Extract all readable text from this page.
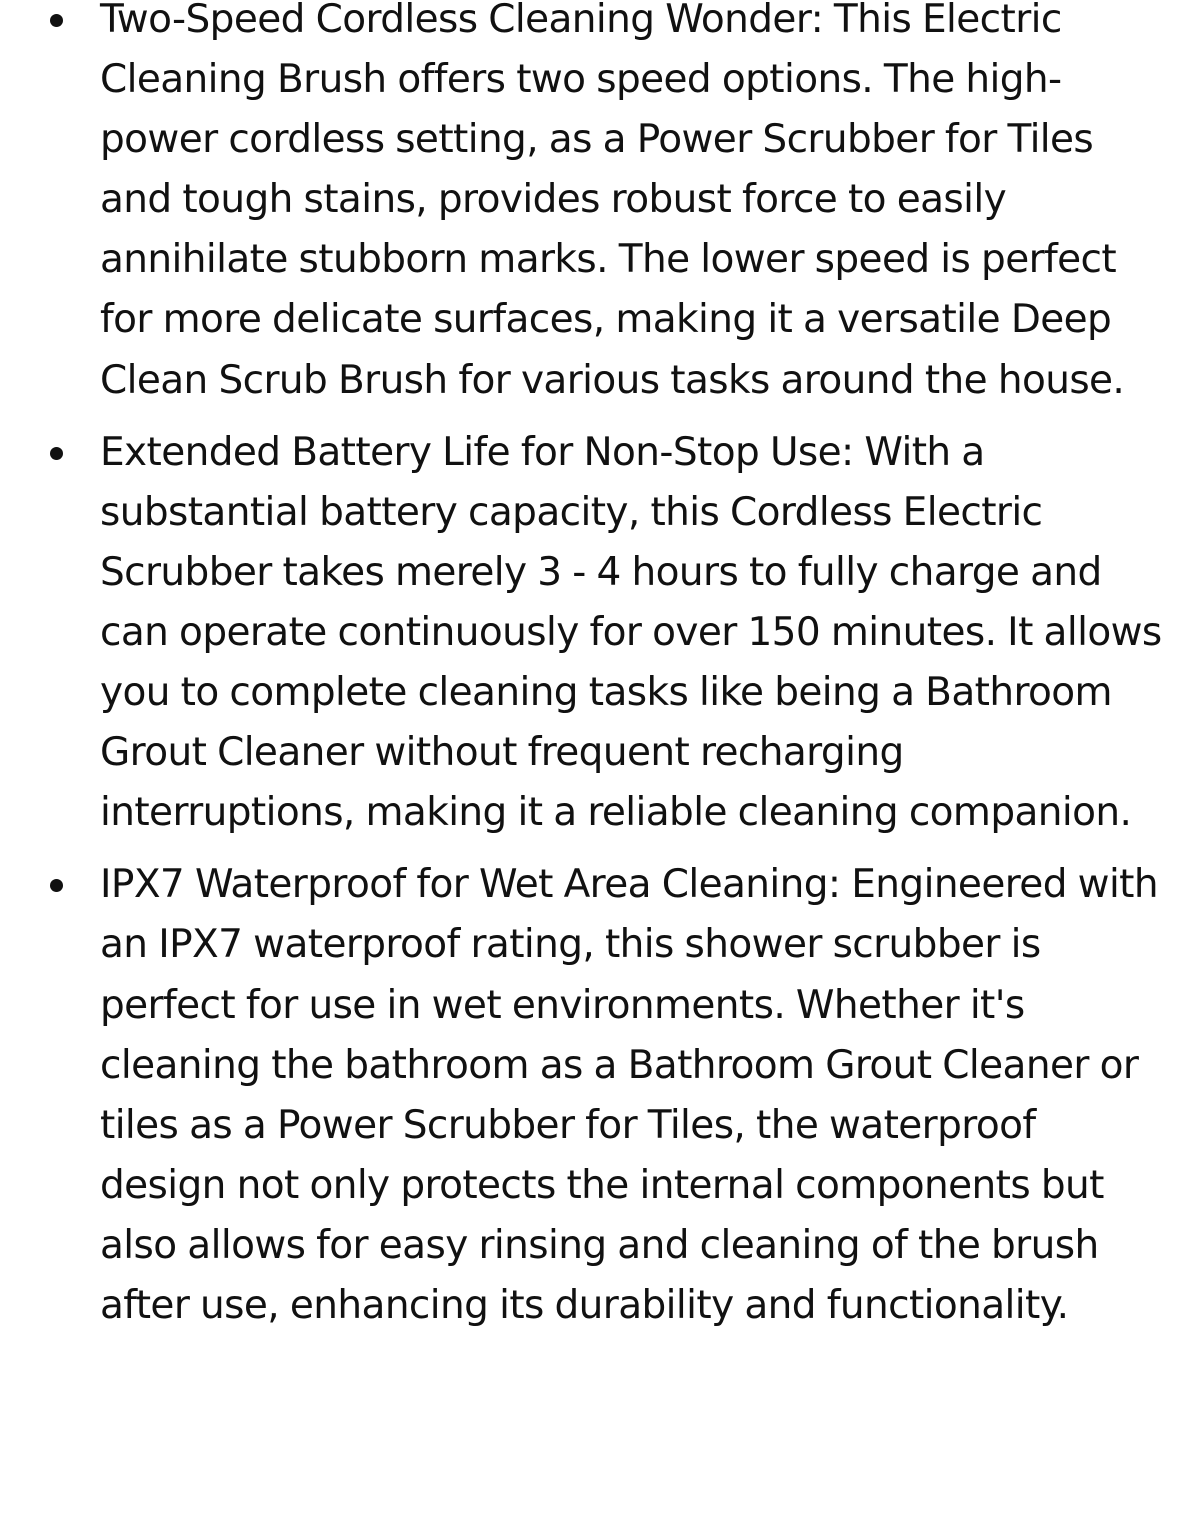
Two-Speed Cordless Cleaning Wonder: This Electric Cleaning Brush offers two speed options. The high-power cordless setting, as a Power Scrubber for Tiles and tough stains, provides robust force to easily annihilate stubborn marks. The lower speed is perfect for more delicate surfaces, making it a versatile Deep Clean Scrub Brush for various tasks around the house.
Extended Battery Life for Non-Stop Use: With a substantial battery capacity, this Cordless Electric Scrubber takes merely 3 - 4 hours to fully charge and can operate continuously for over 150 minutes. It allows you to complete cleaning tasks like being a Bathroom Grout Cleaner without frequent recharging interruptions, making it a reliable cleaning companion.
IPX7 Waterproof for Wet Area Cleaning: Engineered with an IPX7 waterproof rating, this shower scrubber is perfect for use in wet environments. Whether it's cleaning the bathroom as a Bathroom Grout Cleaner or tiles as a Power Scrubber for Tiles, the waterproof design not only protects the internal components but also allows for easy rinsing and cleaning of the brush after use, enhancing its durability and functionality.
